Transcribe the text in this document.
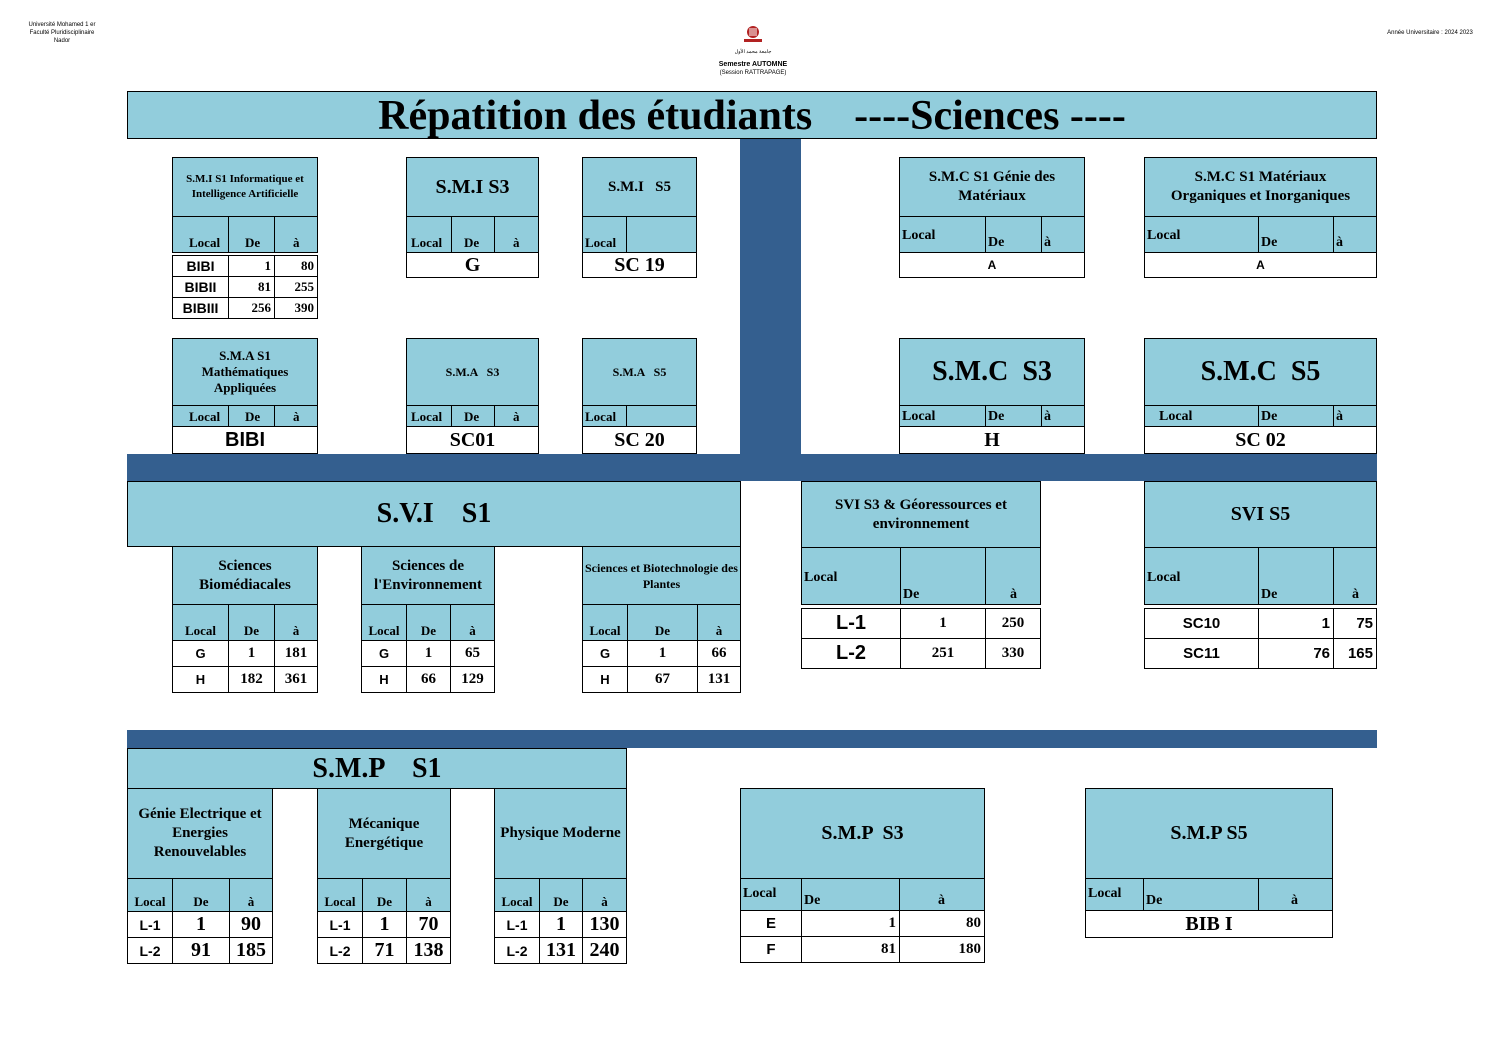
Université Mohamed 1 er
Faculté Pluridisciplinaire
Nador
Année Universitaire : 2024 2023
جامعة محمد الأول
Semestre AUTOMNE
(Session RATTRAPAGE)
Répatition des étudiants    ----Sciences ----
S.M.I S1 Informatique et Intelligence Artificielle
Local De	à
BIBI	1	80
BIBII	81	255
BIBIII	256	390
S.M.I S3
Local De	à
G
S.M.I   S5
Local
SC 19
S.M.C S1 Génie des Matériaux
Local	De	à
A
S.M.C S1 Matériaux Organiques et Inorganiques
Local	De	à
A
S.M.A S1 Mathématiques Appliquées
Local De	à
BIBI
S.M.A   S3
Local De	à
SC01
S.M.A   S5
Local
SC 20
S.M.C  S3
Local	De	à
H
S.M.C  S5
Local	De	à
SC 02
S.V.I    S1
Sciences Biomédiacales
Sciences de l'Environnement
Sciences et Biotechnologie des Plantes
G	1	181
H	182	361
G	1	65
H	66	129
G	1	66
H	67	131
Local	De	à	Local	De	à	Local	De	à
SVI S3 & Géoressources et environnement
Local
De	à
L-1	1	250
L-2	251	330
SVI S5
Local
De	à
SC10	1	75
SC11	76	165
S.M.P    S1
Génie Electrique et Energies Renouvelables
Mécanique Energétique
Physique Moderne
L-1	1	90
L-2	91	185
L-1	1	70
L-2	71 138
L-1	1	130
L-2 131 240
Local	De	à	Local	De	à	Local	De	à
S.M.P  S3
Local De	à
E	1	80
F	81	180
S.M.P S5
Local De	à
BIB I
